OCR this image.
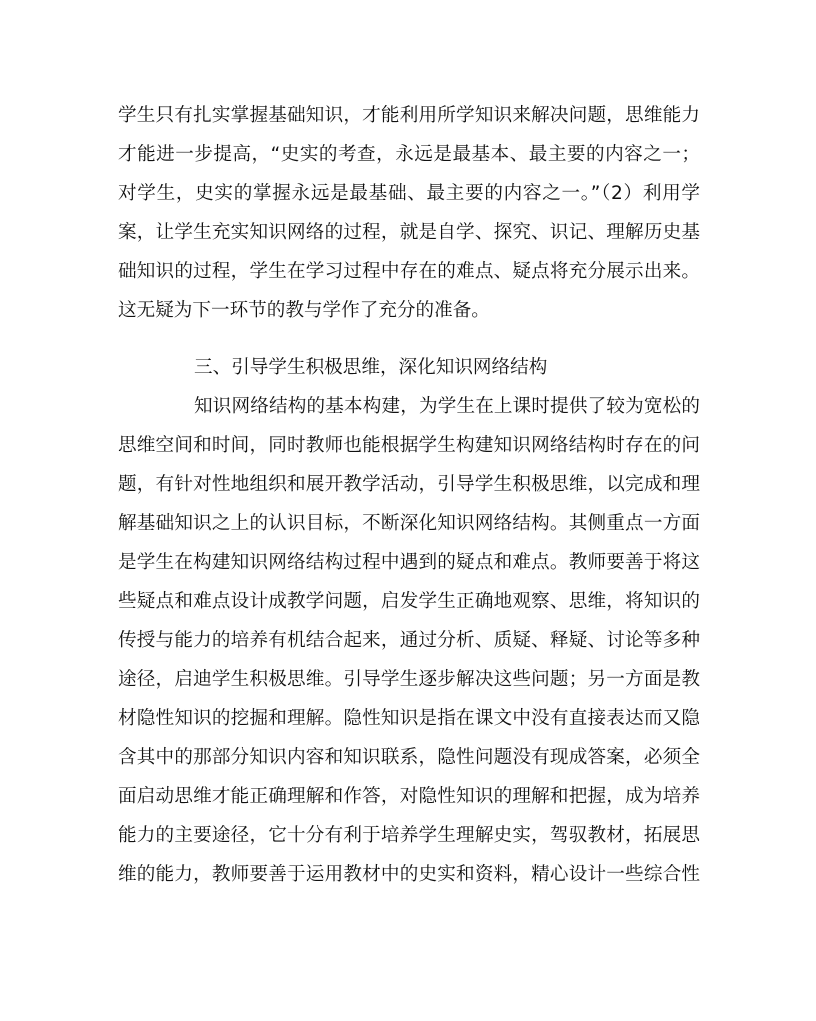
学生只有扎实掌握基础知识，才能利用所学知识来解决问题，思维能力
才能进一步提高，“史实的考查，永远是最基本、最主要的内容之一；
对学生，史实的掌握永远是最基础、最主要的内容之一。”（2）利用学
案，让学生充实知识网络的过程，就是自学、探究、识记、理解历史基
础知识的过程，学生在学习过程中存在的难点、疑点将充分展示出来。
这无疑为下一环节的教与学作了充分的准备。
三、引导学生积极思维，深化知识网络结构
知识网络结构的基本构建，为学生在上课时提供了较为宽松的
思维空间和时间，同时教师也能根据学生构建知识网络结构时存在的问
题，有针对性地组织和展开教学活动，引导学生积极思维，以完成和理
解基础知识之上的认识目标，不断深化知识网络结构。其侧重点一方面
是学生在构建知识网络结构过程中遇到的疑点和难点。教师要善于将这
些疑点和难点设计成教学问题，启发学生正确地观察、思维，将知识的
传授与能力的培养有机结合起来，通过分析、质疑、释疑、讨论等多种
途径，启迪学生积极思维。引导学生逐步解决这些问题；另一方面是教
材隐性知识的挖掘和理解。隐性知识是指在课文中没有直接表达而又隐
含其中的那部分知识内容和知识联系，隐性问题没有现成答案，必须全
面启动思维才能正确理解和作答，对隐性知识的理解和把握，成为培养
能力的主要途径，它十分有利于培养学生理解史实，驾驭教材，拓展思
维的能力，教师要善于运用教材中的史实和资料，精心设计一些综合性
